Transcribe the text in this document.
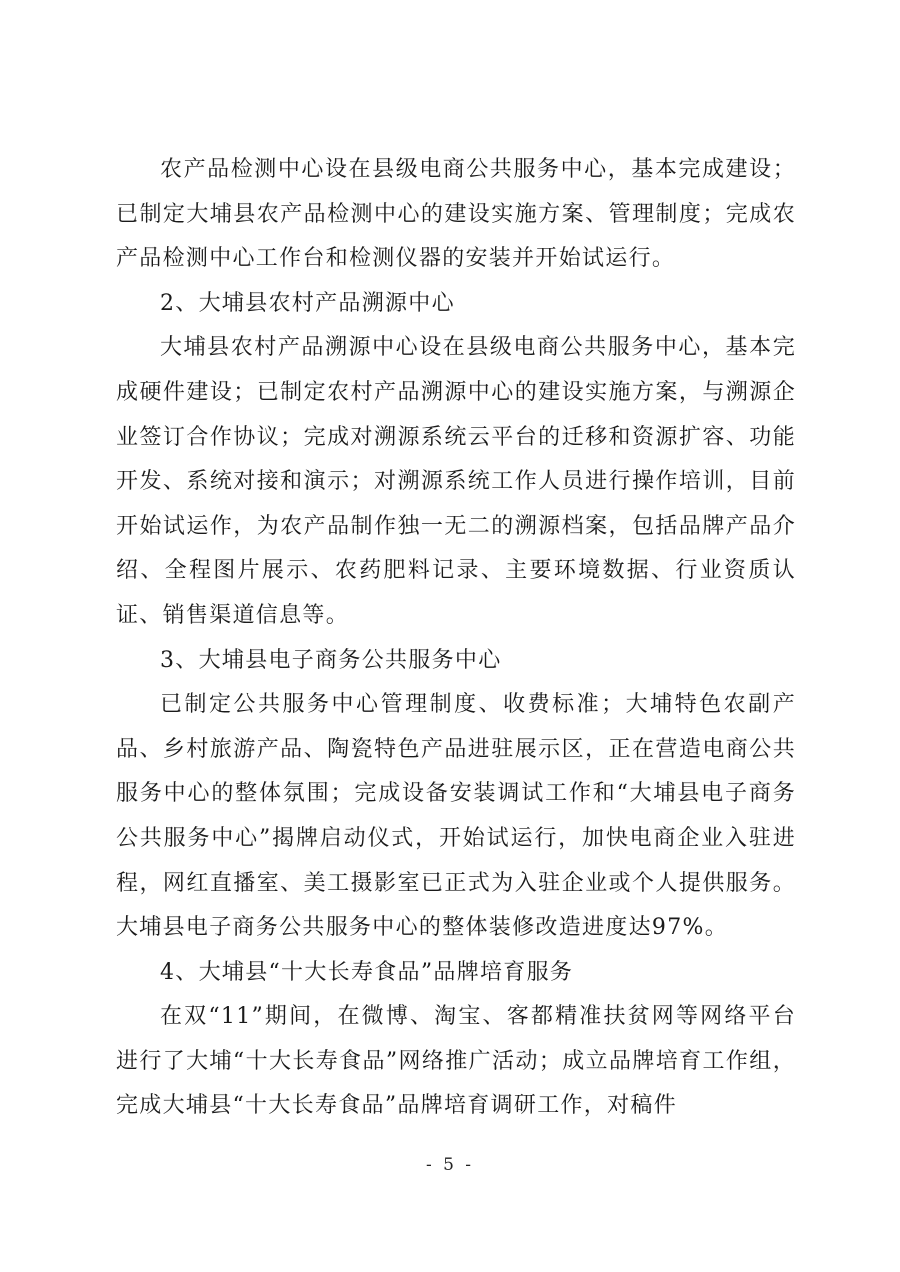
农产品检测中心设在县级电商公共服务中心，基本完成建设；已制定大埔县农产品检测中心的建设实施方案、管理制度；完成农产品检测中心工作台和检测仪器的安装并开始试运行。

2、大埔县农村产品溯源中心

大埔县农村产品溯源中心设在县级电商公共服务中心，基本完成硬件建设；已制定农村产品溯源中心的建设实施方案，与溯源企业签订合作协议；完成对溯源系统云平台的迁移和资源扩容、功能开发、系统对接和演示；对溯源系统工作人员进行操作培训，目前开始试运作，为农产品制作独一无二的溯源档案，包括品牌产品介绍、全程图片展示、农药肥料记录、主要环境数据、行业资质认证、销售渠道信息等。

3、大埔县电子商务公共服务中心

已制定公共服务中心管理制度、收费标准；大埔特色农副产品、乡村旅游产品、陶瓷特色产品进驻展示区，正在营造电商公共服务中心的整体氛围；完成设备安装调试工作和“大埔县电子商务公共服务中心”揭牌启动仪式，开始试运行，加快电商企业入驻进程，网红直播室、美工摄影室已正式为入驻企业或个人提供服务。大埔县电子商务公共服务中心的整体装修改造进度达97%。

4、大埔县“十大长寿食品”品牌培育服务

在双“11”期间，在微博、淘宝、客都精准扶贫网等网络平台进行了大埔“十大长寿食品”网络推广活动；成立品牌培育工作组，完成大埔县“十大长寿食品”品牌培育调研工作，对稿件

- 5 -
